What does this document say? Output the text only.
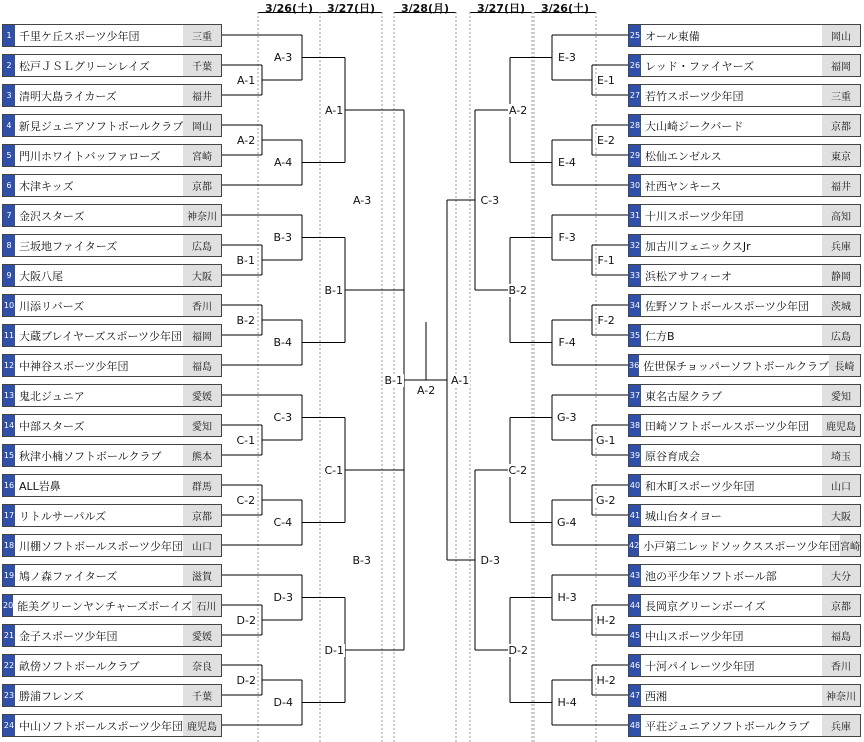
3/26(土)	3/27(日)	3/28(月)	3/27(日)	3/26(土)
1 千里ケ丘スポーツ少年団	三重
2 松戸ＪＳＬグリーンレイズ	千葉
3 清明大島ライカーズ	福井
4 新見ジュニアソフトボールクラブ 岡山
5 門川ホワイトバッファローズ	宮崎
6 木津キッズ	京都
7 金沢スターズ	神奈川
8 三坂地ファイターズ	広島
9 大阪八尾	大阪
10 川添リバーズ	香川
11 大蔵ブレイヤーズスポーツ少年団 福岡
12 中神谷スポーツ少年団	福島
13 鬼北ジュニア	愛媛
14 中部スターズ	愛知
15 秋津小楠ソフトボールクラブ	熊本
16 ALL岩鼻	群馬
17 リトルサーパルズ	京都
18 川棚ソフトボールスポーツ少年団 山口
19 鳩ノ森ファイターズ	滋賀
20 能美グリーンヤンチャーズボーイズ 石川
21 金子スポーツ少年団	愛媛
22 畝傍ソフトボールクラブ	奈良
23 勝浦フレンズ	千葉
24 中山ソフトボールスポーツ少年団 鹿児島
25 オール東備	岡山
26 レッド・ファイヤーズ	福岡
27 若竹スポーツ少年団	三重
28 大山崎ジークバード	京都
29 松仙エンゼルス	東京
30 社西ヤンキース	福井
31 十川スポーツ少年団	高知
32 加古川フェニックスJr	兵庫
33 浜松アサフィーオ	静岡
34 佐野ソフトボールスポーツ少年団	茨城
35 仁方B	広島
36 佐世保チョッパーソフトボールクラブ 長崎
37 東名古屋クラブ	愛知
38 田崎ソフトボールスポーツ少年団	鹿児島
39 原谷育成会	埼玉
40 和木町スポーツ少年団	山口
41 城山台タイヨー	大阪
42 小戸第二レッドソックススポーツ少年団 宮崎
43 池の平少年ソフトボール部	大分
44 長岡京グリーンボーイズ	京都
45 中山スポーツ少年団	福島
46 十河パイレーツ少年団	香川
47 西湘	神奈川
48 平荘ジュニアソフトボールクラブ	兵庫
A-1
A-3
A-2
A-4
A-1
B-1
B-3
B-2
B-4
B-1
C-1
C-3
C-2
C-4
C-1
D-2
D-3
D-2
D-4
D-1
A-3
B-3
B-1
E-1
E-3
E-2
E-4
A-2
F-1
F-3
F-2
F-4
B-2
G-1
G-3
G-2
G-4
C-2
H-2
H-3
H-2
H-4
D-2
C-3
D-3
A-1
A-2
